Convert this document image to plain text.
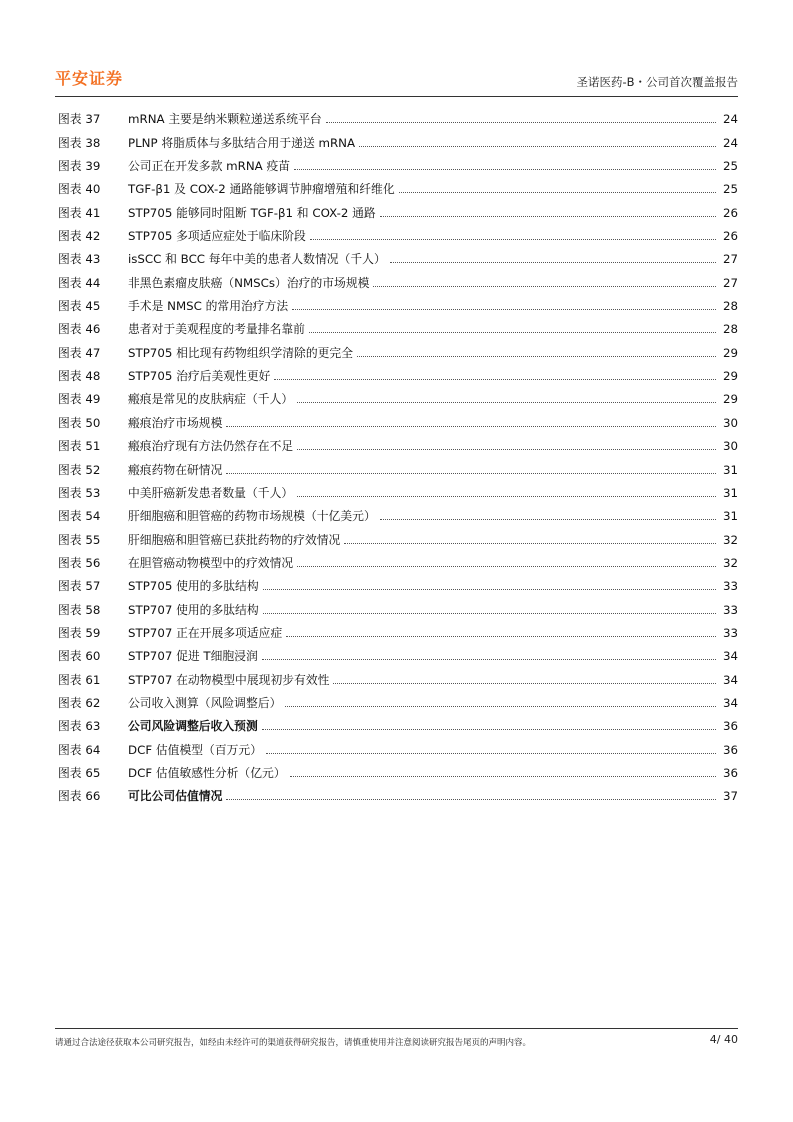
平安证券	圣诺医药-B・公司首次覆盖报告
图表 37	mRNA 主要是纳米颗粒递送系统平台	24
图表 38	PLNP 将脂质体与多肽结合用于递送 mRNA	24
图表 39	公司正在开发多款 mRNA 疫苗	25
图表 40	TGF-β1 及 COX-2 通路能够调节肿瘤增殖和纤维化	25
图表 41	STP705 能够同时阻断 TGF-β1 和 COX-2 通路	26
图表 42	STP705 多项适应症处于临床阶段	26
图表 43	isSCC 和 BCC 每年中美的患者人数情况（千人）	27
图表 44	非黑色素瘤皮肤癌（NMSCs）治疗的市场规模	27
图表 45	手术是 NMSC 的常用治疗方法	28
图表 46	患者对于美观程度的考量排名靠前	28
图表 47	STP705 相比现有药物组织学清除的更完全	29
图表 48	STP705 治疗后美观性更好	29
图表 49	瘢痕是常见的皮肤病症（千人）	29
图表 50	瘢痕治疗市场规模	30
图表 51	瘢痕治疗现有方法仍然存在不足	30
图表 52	瘢痕药物在研情况	31
图表 53	中美肝癌新发患者数量（千人）	31
图表 54	肝细胞癌和胆管癌的药物市场规模（十亿美元）	31
图表 55	肝细胞癌和胆管癌已获批药物的疗效情况	32
图表 56	在胆管癌动物模型中的疗效情况	32
图表 57	STP705 使用的多肽结构	33
图表 58	STP707 使用的多肽结构	33
图表 59	STP707 正在开展多项适应症	33
图表 60	STP707 促进 T细胞浸润	34
图表 61	STP707 在动物模型中展现初步有效性	34
图表 62	公司收入测算（风险调整后）	34
图表 63	公司风险调整后收入预测	36
图表 64	DCF 估值模型（百万元）	36
图表 65	DCF 估值敏感性分析（亿元）	36
图表 66	可比公司估值情况	37
请通过合法途径获取本公司研究报告，如经由未经许可的渠道获得研究报告，请慎重使用并注意阅读研究报告尾页的声明内容。	4/ 40
